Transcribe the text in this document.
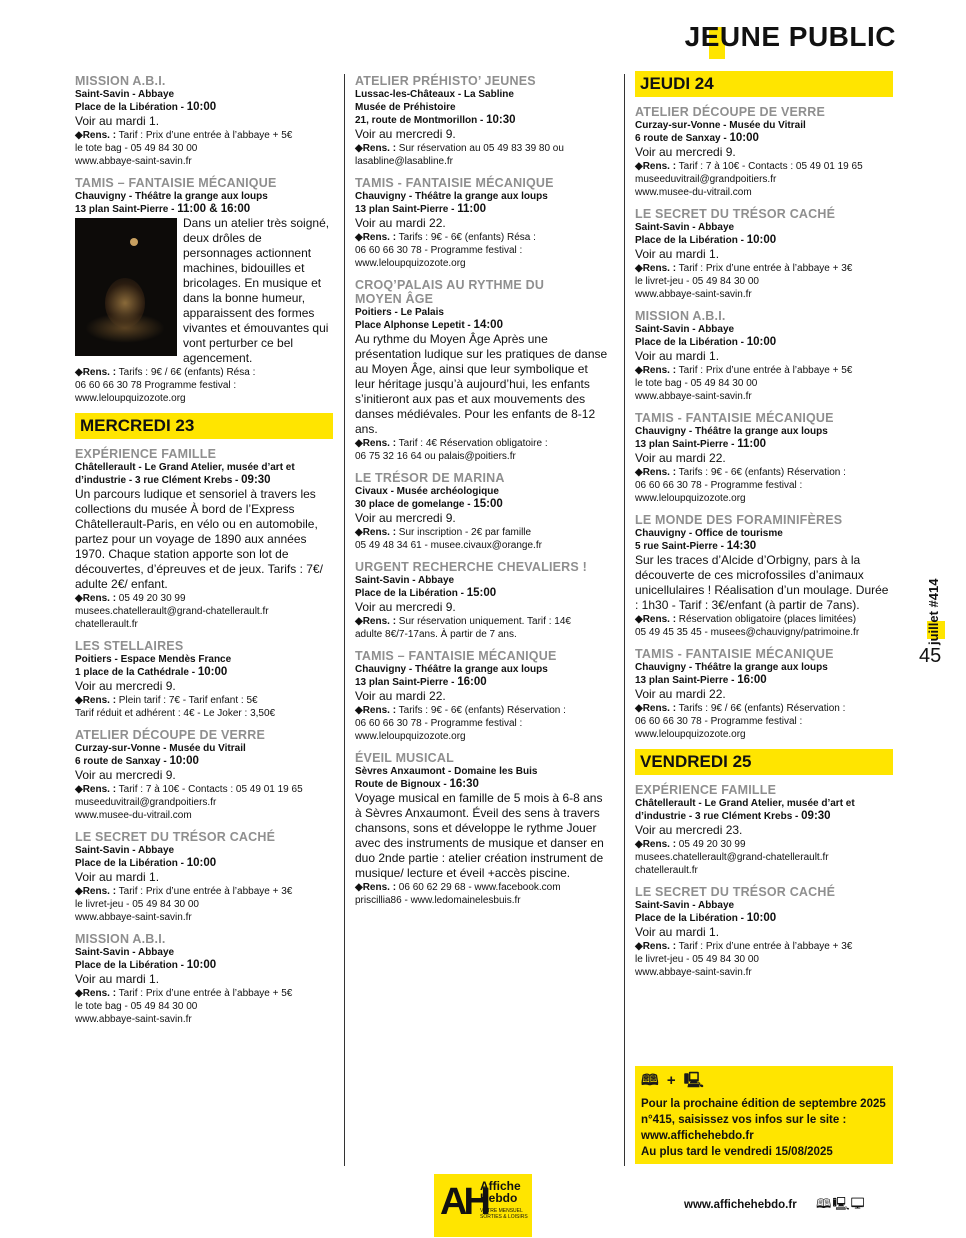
JEUNE PUBLIC
MISSION A.B.I.
Saint-Savin - Abbaye
Place de la Libération - 10:00
Voir au mardi 1.
◆Rens. : Tarif : Prix d’une entrée à l’abbaye + 5€
le tote bag - 05 49 84 30 00
www.abbaye-saint-savin.fr
TAMIS – FANTAISIE MÉCANIQUE
Chauvigny - Théâtre la grange aux loups
13 plan Saint-Pierre - 11:00 & 16:00
Dans un atelier très soigné, deux drôles de personnages actionnent machines, bidouilles et bricolages. En musique et dans la bonne humeur, apparaissent des formes vivantes et émouvantes qui vont perturber ce bel agencement.
◆Rens. : Tarifs : 9€ / 6€ (enfants) Résa :
06 60 66 30 78 Programme festival :
www.leloupquizozote.org
MERCREDI 23
EXPÉRIENCE FAMILLE
Châtellerault - Le Grand Atelier, musée d’art et
d’industrie - 3 rue Clément Krebs - 09:30
Un parcours ludique et sensoriel à travers les collections du musée À bord de l’Express Châtellerault-Paris, en vélo ou en automobile, partez pour un voyage de 1890 aux années 1970. Chaque station apporte son lot de découvertes, d’épreuves et de jeux. Tarifs : 7€/ adulte 2€/ enfant.
◆Rens. : 05 49 20 30 99
musees.chatellerault@grand-chatellerault.fr
chatellerault.fr
LES STELLAIRES
Poitiers - Espace Mendès France
1 place de la Cathédrale - 10:00
Voir au mercredi 9.
◆Rens. : Plein tarif : 7€ - Tarif enfant : 5€
Tarif réduit et adhérent : 4€ - Le Joker : 3,50€
ATELIER DÉCOUPE DE VERRE
Curzay-sur-Vonne - Musée du Vitrail
6 route de Sanxay - 10:00
Voir au mercredi 9.
◆Rens. : Tarif : 7 à 10€ - Contacts : 05 49 01 19 65
museeduvitrail@grandpoitiers.fr
www.musee-du-vitrail.com
LE SECRET DU TRÉSOR CACHÉ
Saint-Savin - Abbaye
Place de la Libération - 10:00
Voir au mardi 1.
◆Rens. : Tarif : Prix d’une entrée à l’abbaye + 3€
le livret-jeu - 05 49 84 30 00
www.abbaye-saint-savin.fr
MISSION A.B.I.
Saint-Savin - Abbaye
Place de la Libération - 10:00
Voir au mardi 1.
◆Rens. : Tarif : Prix d’une entrée à l’abbaye + 5€
le tote bag - 05 49 84 30 00
www.abbaye-saint-savin.fr
ATELIER PRÉHISTO’ JEUNES
Lussac-les-Châteaux - La Sabline
Musée de Préhistoire
21, route de Montmorillon - 10:30
Voir au mercredi 9.
◆Rens. : Sur réservation au 05 49 83 39 80 ou
lasabline@lasabline.fr
TAMIS - FANTAISIE MÉCANIQUE
Chauvigny - Théâtre la grange aux loups
13 plan Saint-Pierre - 11:00
Voir au mardi 22.
◆Rens. : Tarifs : 9€ - 6€ (enfants) Résa :
06 60 66 30 78 - Programme festival :
www.leloupquizozote.org
CROQ’PALAIS AU RYTHME DU MOYEN ÂGE
Poitiers - Le Palais
Place Alphonse Lepetit - 14:00
Au rythme du Moyen Âge Après une présentation ludique sur les pratiques de danse au Moyen Âge, ainsi que leur symbolique et leur héritage jusqu’à aujourd’hui, les enfants s’initieront aux pas et aux mouvements des danses médiévales. Pour les enfants de 8-12 ans.
◆Rens. : Tarif : 4€ Réservation obligatoire :
06 75 32 16 64 ou palais@poitiers.fr
LE TRÉSOR DE MARINA
Civaux - Musée archéologique
30 place de gomelange - 15:00
Voir au mercredi 9.
◆Rens. : Sur inscription - 2€ par famille
05 49 48 34 61 - musee.civaux@orange.fr
URGENT RECHERCHE CHEVALIERS !
Saint-Savin - Abbaye
Place de la Libération - 15:00
Voir au mercredi 9.
◆Rens. : Sur réservation uniquement. Tarif : 14€
adulte 8€/7-17ans. À partir de 7 ans.
TAMIS – FANTAISIE MÉCANIQUE
Chauvigny - Théâtre la grange aux loups
13 plan Saint-Pierre - 16:00
Voir au mardi 22.
◆Rens. : Tarifs : 9€ - 6€ (enfants) Réservation :
06 60 66 30 78 - Programme festival :
www.leloupquizozote.org
ÉVEIL MUSICAL
Sèvres Anxaumont - Domaine les Buis
Route de Bignoux - 16:30
Voyage musical en famille de 5 mois à 6-8 ans à Sèvres Anxaumont. Éveil des sens à travers chansons, sons et développe le rythme Jouer avec des instruments de musique et danser en duo 2nde partie : atelier création instrument de musique/ lecture et éveil +accès piscine.
◆Rens. : 06 60 62 29 68 - www.facebook.com
priscillia86 - www.ledomainelesbuis.fr
JEUDI 24
ATELIER DÉCOUPE DE VERRE
Curzay-sur-Vonne - Musée du Vitrail
6 route de Sanxay - 10:00
Voir au mercredi 9.
◆Rens. : Tarif : 7 à 10€ - Contacts : 05 49 01 19 65
museeduvitrail@grandpoitiers.fr
www.musee-du-vitrail.com
LE SECRET DU TRÉSOR CACHÉ
Saint-Savin - Abbaye
Place de la Libération - 10:00
Voir au mardi 1.
◆Rens. : Tarif : Prix d’une entrée à l’abbaye + 3€
le livret-jeu - 05 49 84 30 00
www.abbaye-saint-savin.fr
MISSION A.B.I.
Saint-Savin - Abbaye
Place de la Libération - 10:00
Voir au mardi 1.
◆Rens. : Tarif : Prix d’une entrée à l’abbaye + 5€
le tote bag - 05 49 84 30 00
www.abbaye-saint-savin.fr
TAMIS - FANTAISIE MÉCANIQUE
Chauvigny - Théâtre la grange aux loups
13 plan Saint-Pierre - 11:00
Voir au mardi 22.
◆Rens. : Tarifs : 9€ - 6€ (enfants) Réservation :
06 60 66 30 78 - Programme festival :
www.leloupquizozote.org
LE MONDE DES FORAMINIFÈRES
Chauvigny - Office de tourisme
5 rue Saint-Pierre - 14:30
Sur les traces d’Alcide d’Orbigny, pars à la découverte de ces microfossiles d’animaux unicellulaires ! Réalisation d’un moulage. Durée : 1h30 - Tarif : 3€/enfant (à partir de 7ans).
◆Rens. : Réservation obligatoire (places limitées)
05 49 45 35 45 - musees@chauvigny/patrimoine.fr
TAMIS - FANTAISIE MÉCANIQUE
Chauvigny - Théâtre la grange aux loups
13 plan Saint-Pierre - 16:00
Voir au mardi 22.
◆Rens. : Tarifs : 9€ / 6€ (enfants) Réservation :
06 60 66 30 78 - Programme festival :
www.leloupquizozote.org
VENDREDI 25
EXPÉRIENCE FAMILLE
Châtellerault - Le Grand Atelier, musée d’art et
d’industrie - 3 rue Clément Krebs - 09:30
Voir au mercredi 23.
◆Rens. : 05 49 20 30 99
musees.chatellerault@grand-chatellerault.fr
chatellerault.fr
LE SECRET DU TRÉSOR CACHÉ
Saint-Savin - Abbaye
Place de la Libération - 10:00
Voir au mardi 1.
◆Rens. : Tarif : Prix d’une entrée à l’abbaye + 3€
le livret-jeu - 05 49 84 30 00
www.abbaye-saint-savin.fr
juillet #414
45
🕮 + 🖳
Pour la prochaine édition de septembre 2025 n°415, saisissez vos infos sur le site : www.affichehebdo.fr
Au plus tard le vendredi 15/08/2025
AH
Affiche
Hebdo
VOTRE MENSUEL SORTIES & LOISIRS
www.affichehebdo.fr 🕮🖳🖵
